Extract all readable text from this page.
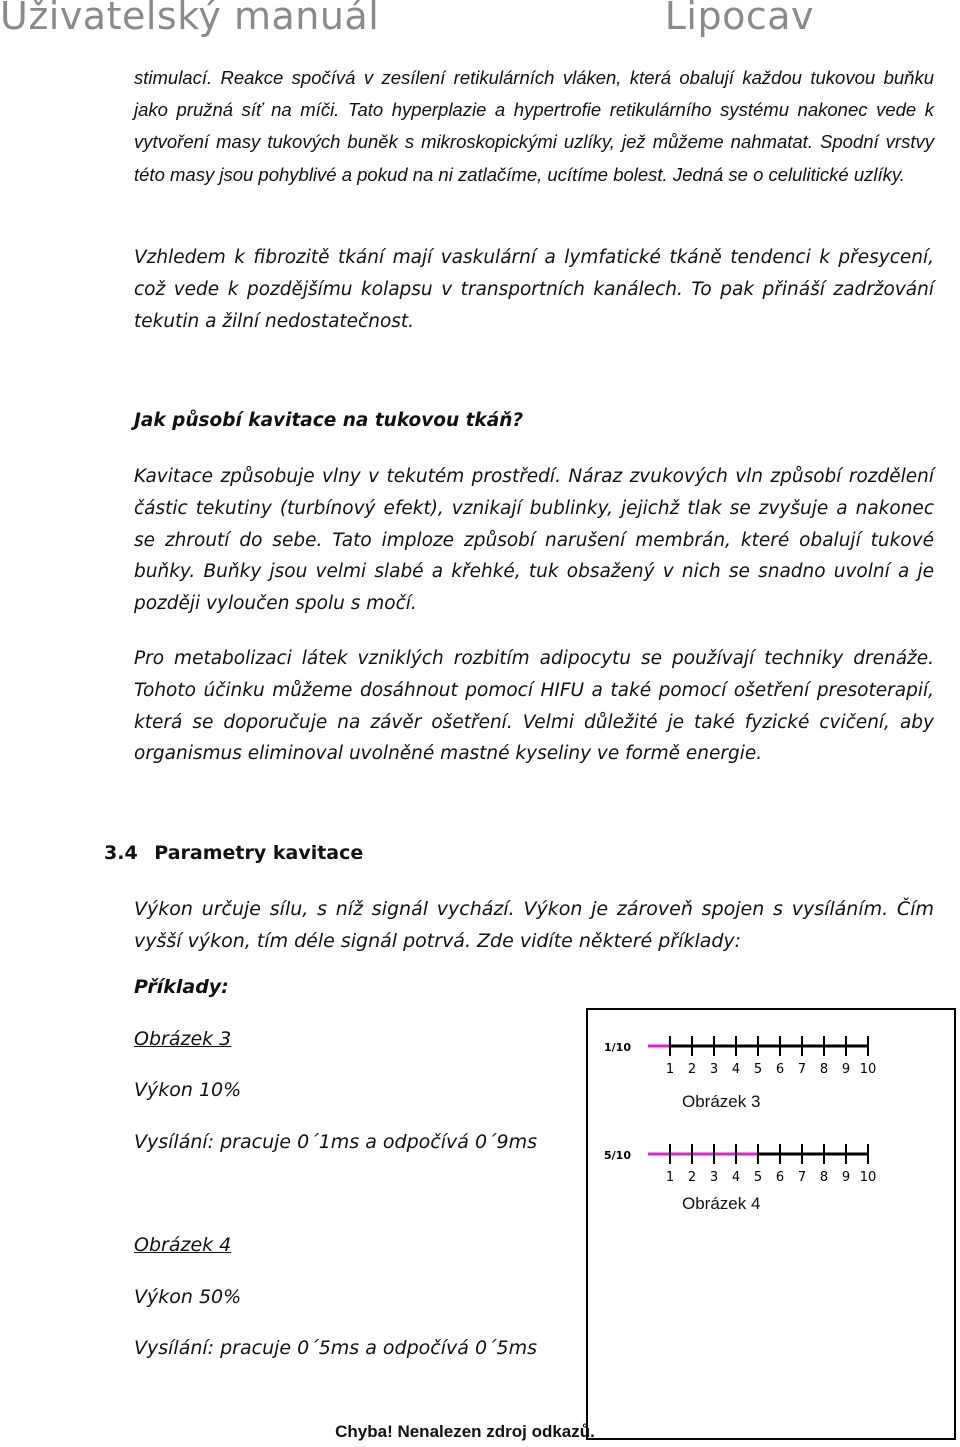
Uživatelský manuál	Lipocav
stimulací. Reakce spočívá v zesílení retikulárních vláken, která obalují každou tukovou buňku jako pružná síť na míči. Tato hyperplazie a hypertrofie retikulárního systému nakonec vede k vytvoření masy tukových buněk s mikroskopickými uzlíky, jež můžeme nahmatat. Spodní vrstvy této masy jsou pohyblivé a pokud na ni zatlačíme, ucítíme bolest. Jedná se o celulitické uzlíky.
Vzhledem k fibrozitě tkání mají vaskulární a lymfatické tkáně tendenci k přesycení, což vede k pozdějšímu kolapsu v transportních kanálech. To pak přináší zadržování tekutin a žilní nedostatečnost.
Jak působí kavitace na tukovou tkáň?
Kavitace způsobuje vlny v tekutém prostředí. Náraz zvukových vln způsobí rozdělení částic tekutiny (turbínový efekt), vznikají bublinky, jejichž tlak se zvyšuje a nakonec se zhroutí do sebe. Tato imploze způsobí narušení membrán, které obalují tukové buňky. Buňky jsou velmi slabé a křehké, tuk obsažený v nich se snadno uvolní a je později vyloučen spolu s močí.
Pro metabolizaci látek vzniklých rozbitím adipocytu se používají techniky drenáže. Tohoto účinku můžeme dosáhnout pomocí HIFU a také pomocí ošetření presoterapií, která se doporučuje na závěr ošetření. Velmi důležité je také fyzické cvičení, aby organismus eliminoval uvolněné mastné kyseliny ve formě energie.
3.4 Parametry kavitace
Výkon určuje sílu, s níž signál vychází. Výkon je zároveň spojen s vysíláním. Čím vyšší výkon, tím déle signál potrvá. Zde vidíte některé příklady:
Příklady:
Obrázek 3
Výkon 10%
Vysílání: pracuje 0´1ms a odpočívá 0´9ms
Obrázek 4
Výkon 50%
Vysílání: pracuje 0´5ms a odpočívá 0´5ms
1/10
1 2 3 4 5 6 7 8 9 10
5/10
1 2 3 4 5 6 7 8 9 10
Obrázek 3
Obrázek 4
Chyba! Nenalezen zdroj odkazů.
